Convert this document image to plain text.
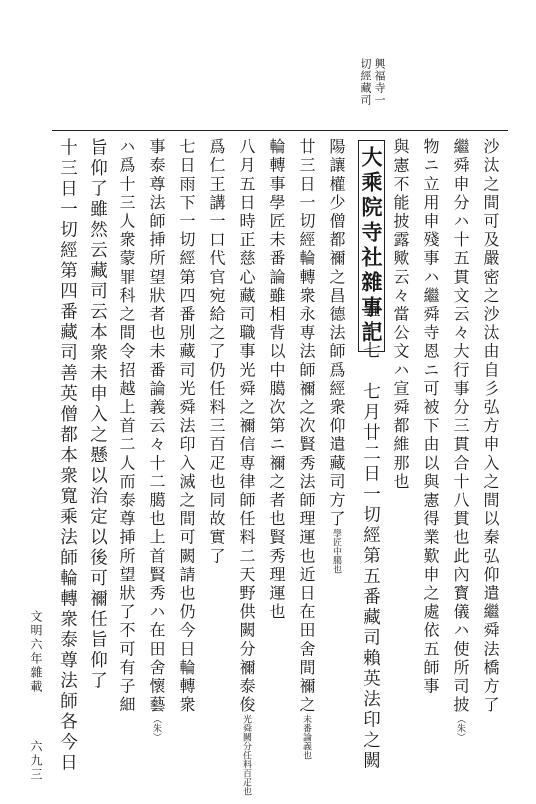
興福寺一
切經藏司
沙汰之間可及嚴密之沙汰由自彡弘方申入之間以秦弘仰遣繼舜法橋方了
繼舜申分ハ十五貫文云々大行事分三貫合十八貫也此內寳儀ハ使所司披（朱）
物ニ立用申殘事ハ繼舜寺恩ニ可被下由以與憲得業歎申之處依五師事
與憲不能披露歟云々當公文ハ宣舜都維那也
大乘院寺社雜事記
五十七　七月廿二日一切經第五番藏司賴英法印之闕
陽讓權少僧都禰之昌德法師爲經衆仰遣藏司方了學匠中臈也
廿三日一切經輪轉衆永専法師禰之次賢秀法師理運也近日在田舍間禰之未番論義也
輪轉事學匠未番論雖相背以中臈次第ニ禰之者也賢秀理運也
八月五日時正慈心藏司職事光舜之禰信専律師任料二天野供闕分禰泰俊光舜闕分任料百疋也
爲仁王講一口代官宛給之了仍任料三百疋也同故實了
七日雨下一切經第四番別藏司光舜法印入滅之間可闕請也仍今日輪轉衆
事泰尊法師挿所望狀者也未番論義云々十二臈也上首賢秀ハ在田舍懷藝（朱）
ハ爲十三人衆蒙罪科之間令招越上首二人而泰尊挿所望狀了不可有子細
文明六年雜載
六九三
旨仰了雖然云藏司云本衆未申入之懸以治定以後可禰任旨仰了
十三日一切經第四番藏司善英僧都本衆寬乘法師輪轉衆泰尊法師各今日
